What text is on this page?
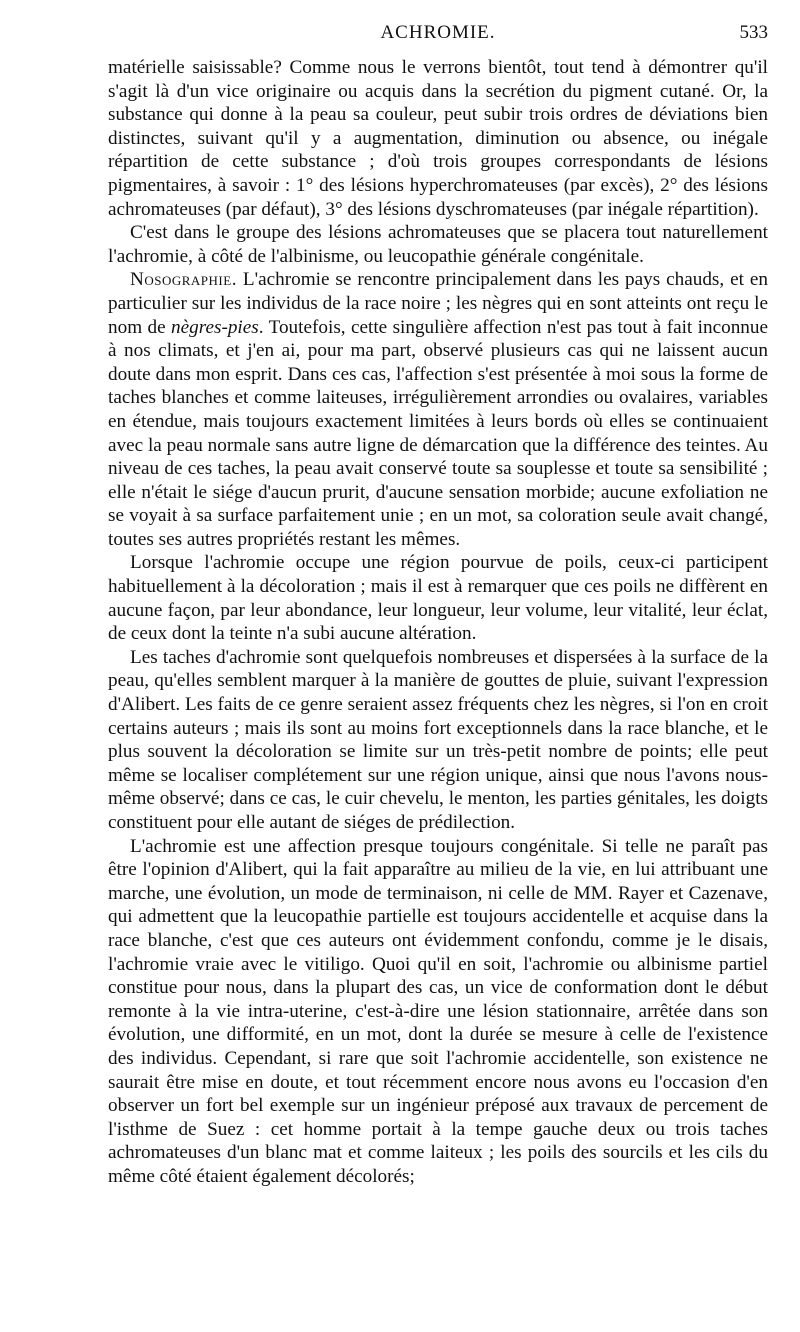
ACHROMIE.	533

matérielle saisissable? Comme nous le verrons bientôt, tout tend à démontrer qu'il s'agit là d'un vice originaire ou acquis dans la secrétion du pigment cutané. Or, la substance qui donne à la peau sa couleur, peut subir trois ordres de déviations bien distinctes, suivant qu'il y a augmentation, diminution ou absence, ou inégale répartition de cette substance ; d'où trois groupes correspondants de lésions pigmentaires, à savoir : 1° des lésions hyperchromateuses (par excès), 2° des lésions achromateuses (par défaut), 3° des lésions dyschromateuses (par inégale répartition).

C'est dans le groupe des lésions achromateuses que se placera tout naturellement l'achromie, à côté de l'albinisme, ou leucopathie générale congénitale.

Nosographie. L'achromie se rencontre principalement dans les pays chauds, et en particulier sur les individus de la race noire ; les nègres qui en sont atteints ont reçu le nom de nègres-pies. Toutefois, cette singulière affection n'est pas tout à fait inconnue à nos climats, et j'en ai, pour ma part, observé plusieurs cas qui ne laissent aucun doute dans mon esprit. Dans ces cas, l'affection s'est présentée à moi sous la forme de taches blanches et comme laiteuses, irrégulièrement arrondies ou ovalaires, variables en étendue, mais toujours exactement limitées à leurs bords où elles se continuaient avec la peau normale sans autre ligne de démarcation que la différence des teintes. Au niveau de ces taches, la peau avait conservé toute sa souplesse et toute sa sensibilité ; elle n'était le siége d'aucun prurit, d'aucune sensation morbide; aucune exfoliation ne se voyait à sa surface parfaitement unie ; en un mot, sa coloration seule avait changé, toutes ses autres propriétés restant les mêmes.

Lorsque l'achromie occupe une région pourvue de poils, ceux-ci participent habituellement à la décoloration ; mais il est à remarquer que ces poils ne diffèrent en aucune façon, par leur abondance, leur longueur, leur volume, leur vitalité, leur éclat, de ceux dont la teinte n'a subi aucune altération.

Les taches d'achromie sont quelquefois nombreuses et dispersées à la surface de la peau, qu'elles semblent marquer à la manière de gouttes de pluie, suivant l'expression d'Alibert. Les faits de ce genre seraient assez fréquents chez les nègres, si l'on en croit certains auteurs ; mais ils sont au moins fort exceptionnels dans la race blanche, et le plus souvent la décoloration se limite sur un très-petit nombre de points; elle peut même se localiser complétement sur une région unique, ainsi que nous l'avons nous-même observé; dans ce cas, le cuir chevelu, le menton, les parties génitales, les doigts constituent pour elle autant de siéges de prédilection.

L'achromie est une affection presque toujours congénitale. Si telle ne paraît pas être l'opinion d'Alibert, qui la fait apparaître au milieu de la vie, en lui attribuant une marche, une évolution, un mode de terminaison, ni celle de MM. Rayer et Cazenave, qui admettent que la leucopathie partielle est toujours accidentelle et acquise dans la race blanche, c'est que ces auteurs ont évidemment confondu, comme je le disais, l'achromie vraie avec le vitiligo. Quoi qu'il en soit, l'achromie ou albinisme partiel constitue pour nous, dans la plupart des cas, un vice de conformation dont le début remonte à la vie intra-uterine, c'est-à-dire une lésion stationnaire, arrêtée dans son évolution, une difformité, en un mot, dont la durée se mesure à celle de l'existence des individus. Cependant, si rare que soit l'achromie accidentelle, son existence ne saurait être mise en doute, et tout récemment encore nous avons eu l'occasion d'en observer un fort bel exemple sur un ingénieur préposé aux travaux de percement de l'isthme de Suez : cet homme portait à la tempe gauche deux ou trois taches achromateuses d'un blanc mat et comme laiteux ; les poils des sourcils et les cils du même côté étaient également décolorés;
